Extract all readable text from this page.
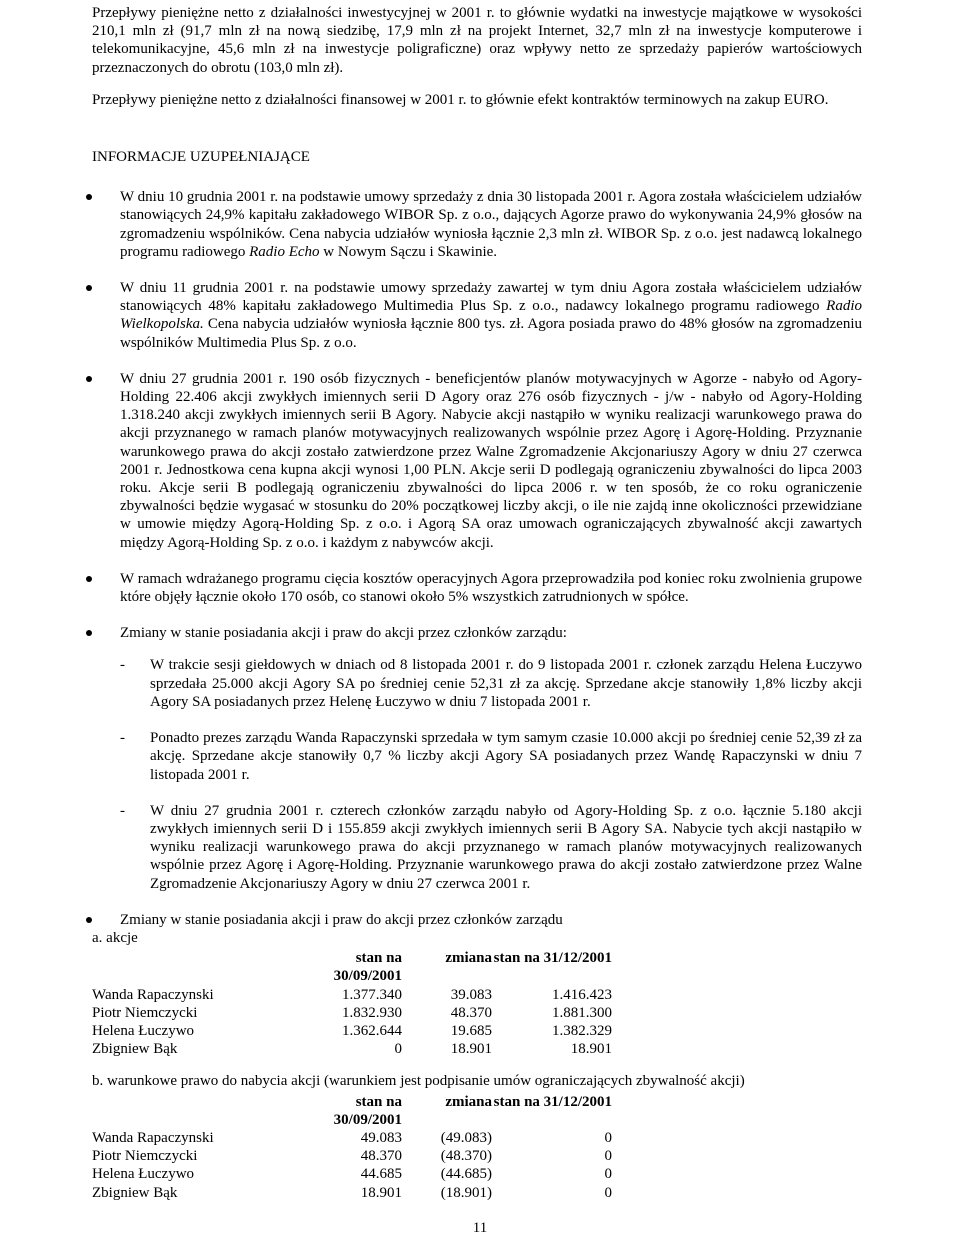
Przepływy pieniężne netto z działalności inwestycyjnej w 2001 r. to głównie wydatki na inwestycje majątkowe w wysokości 210,1 mln zł (91,7 mln zł na nową siedzibę, 17,9 mln zł na projekt Internet, 32,7 mln zł na inwestycje komputerowe i telekomunikacyjne, 45,6 mln zł na inwestycje poligraficzne) oraz wpływy netto ze sprzedaży papierów wartościowych przeznaczonych do obrotu (103,0 mln zł).

Przepływy pieniężne netto z działalności finansowej w 2001 r. to głównie efekt kontraktów terminowych na zakup EURO.

INFORMACJE UZUPEŁNIAJĄCE

W dniu 10 grudnia 2001 r. na podstawie umowy sprzedaży z dnia 30 listopada 2001 r. Agora została właścicielem udziałów stanowiących 24,9% kapitału zakładowego WIBOR Sp. z o.o., dających Agorze prawo do wykonywania 24,9% głosów na zgromadzeniu wspólników. Cena nabycia udziałów wyniosła łącznie 2,3 mln zł. WIBOR Sp. z o.o. jest nadawcą lokalnego programu radiowego Radio Echo w Nowym Sączu i Skawinie.

W dniu 11 grudnia 2001 r. na podstawie umowy sprzedaży zawartej w tym dniu Agora została właścicielem udziałów stanowiących 48% kapitału zakładowego Multimedia Plus Sp. z o.o., nadawcy lokalnego programu radiowego Radio Wielkopolska. Cena nabycia udziałów wyniosła łącznie 800 tys. zł. Agora posiada prawo do 48% głosów na zgromadzeniu wspólników Multimedia Plus Sp. z o.o.

W dniu 27 grudnia 2001 r. 190 osób fizycznych - beneficjentów planów motywacyjnych w Agorze - nabyło od Agory-Holding 22.406 akcji zwykłych imiennych serii D Agory oraz 276 osób fizycznych - j/w - nabyło od Agory-Holding 1.318.240 akcji zwykłych imiennych serii B Agory. Nabycie akcji nastąpiło w wyniku realizacji warunkowego prawa do akcji przyznanego w ramach planów motywacyjnych realizowanych wspólnie przez Agorę i Agorę-Holding. Przyznanie warunkowego prawa do akcji zostało zatwierdzone przez Walne Zgromadzenie Akcjonariuszy Agory w dniu 27 czerwca 2001 r. Jednostkowa cena kupna akcji wynosi 1,00 PLN. Akcje serii D podlegają ograniczeniu zbywalności do lipca 2003 roku. Akcje serii B podlegają ograniczeniu zbywalności do lipca 2006 r. w ten sposób, że co roku ograniczenie zbywalności będzie wygasać w stosunku do 20% początkowej liczby akcji, o ile nie zajdą inne okoliczności przewidziane w umowie między Agorą-Holding Sp. z o.o. i Agorą SA oraz umowach ograniczających zbywalność akcji zawartych między Agorą-Holding Sp. z o.o. i każdym z nabywców akcji.

W ramach wdrażanego programu cięcia kosztów operacyjnych Agora przeprowadziła pod koniec roku zwolnienia grupowe które objęły łącznie około 170 osób, co stanowi około 5% wszystkich zatrudnionych w spółce.

Zmiany w stanie posiadania akcji i praw do akcji przez członków zarządu:

- W trakcie sesji giełdowych w dniach od 8 listopada 2001 r. do 9 listopada 2001 r. członek zarządu Helena Łuczywo sprzedała 25.000 akcji Agory SA po średniej cenie 52,31 zł za akcję. Sprzedane akcje stanowiły 1,8% liczby akcji Agory SA posiadanych przez Helenę Łuczywo w dniu 7 listopada 2001 r.
- Ponadto prezes zarządu Wanda Rapaczynski sprzedała w tym samym czasie 10.000 akcji po średniej cenie 52,39 zł za akcję. Sprzedane akcje stanowiły 0,7 % liczby akcji Agory SA posiadanych przez Wandę Rapaczynski w dniu 7 listopada 2001 r.
- W dniu 27 grudnia 2001 r. czterech członków zarządu nabyło od Agory-Holding Sp. z o.o. łącznie 5.180 akcji zwykłych imiennych serii D i 155.859 akcji zwykłych imiennych serii B Agory SA. Nabycie tych akcji nastąpiło w wyniku realizacji warunkowego prawa do akcji przyznanego w ramach planów motywacyjnych realizowanych wspólnie przez Agorę i Agorę-Holding. Przyznanie warunkowego prawa do akcji zostało zatwierdzone przez Walne Zgromadzenie Akcjonariuszy Agory w dniu 27 czerwca 2001 r.

Zmiany w stanie posiadania akcji i praw do akcji przez członków zarządu

a. akcje

	stan na 30/09/2001	zmiana	stan na 31/12/2001
Wanda Rapaczynski	1.377.340	39.083	1.416.423
Piotr Niemczycki	1.832.930	48.370	1.881.300
Helena Łuczywo	1.362.644	19.685	1.382.329
Zbigniew Bąk	0	18.901	18.901

b. warunkowe prawo do nabycia akcji (warunkiem jest podpisanie umów ograniczających zbywalność akcji)

	stan na 30/09/2001	zmiana	stan na 31/12/2001
Wanda Rapaczynski	49.083	(49.083)	0
Piotr Niemczycki	48.370	(48.370)	0
Helena Łuczywo	44.685	(44.685)	0
Zbigniew Bąk	18.901	(18.901)	0
11
